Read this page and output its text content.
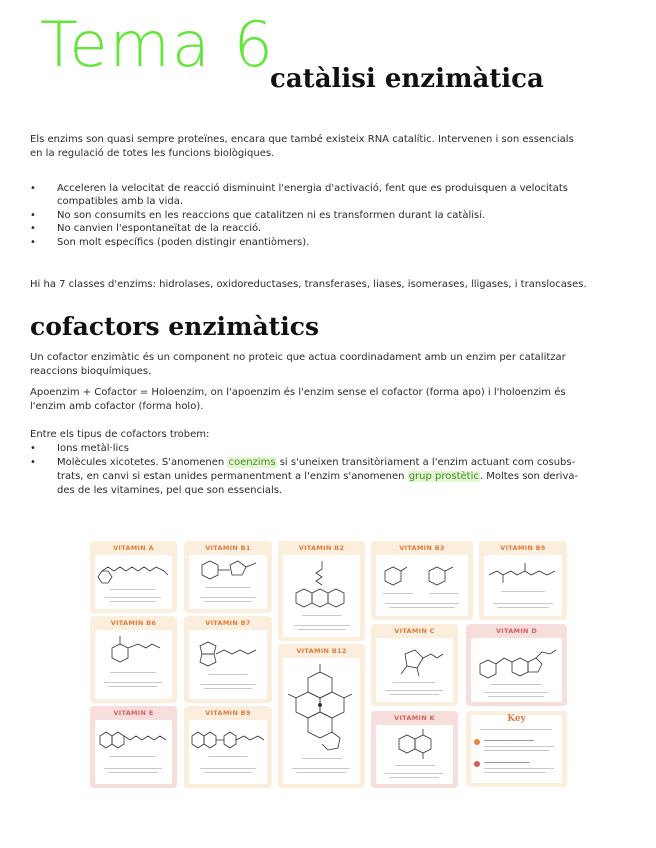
Tema 6
catàlisi enzimàtica
Els enzims son quasi sempre proteïnes, encara que també existeix RNA catalític. Intervenen i son essencials
en la regulació de totes les funcions biològiques.
• Acceleren la velocitat de reacció disminuint l'energia d'activació, fent que es produisquen a velocitats
compatibles amb la vida.
• No son consumits en les reaccions que catalitzen ni es transformen durant la catàlisi.
• No canvien l'espontaneïtat de la reacció.
• Son molt específics (poden distingir enantiòmers).
Hi ha 7 classes d'enzims: hidrolases, oxidoreductases, transferases, liases, isomerases, lligases, i translocases.
cofactors enzimàtics
Un cofactor enzimàtic és un component no proteic que actua coordinadament amb un enzim per catalitzar
reaccions bioquímiques.
Apoenzim + Cofactor = Holoenzim, on l'apoenzim és l'enzim sense el cofactor (forma apo) i l'holoenzim és
l'enzim amb cofactor (forma holo).
Entre els tipus de cofactors trobem:
• Ions metàl·lics
• Molècules xicotetes. S'anomenen coenzims si s'uneixen transitòriament a l'enzim actuant com cosubs-
trats, en canvi si estan unides permanentment a l'enzim s'anomenen grup prostètic. Moltes son deriva-
des de les vitamines, pel que son essencials.
VITAMIN A	VITAMIN B1	VITAMIN B2	VITAMIN B3	VITAMIN B5
VITAMIN B6	VITAMIN B7
VITAMIN B12
VITAMIN C	VITAMIN D
VITAMIN E	VITAMIN B9
VITAMIN K	Key
